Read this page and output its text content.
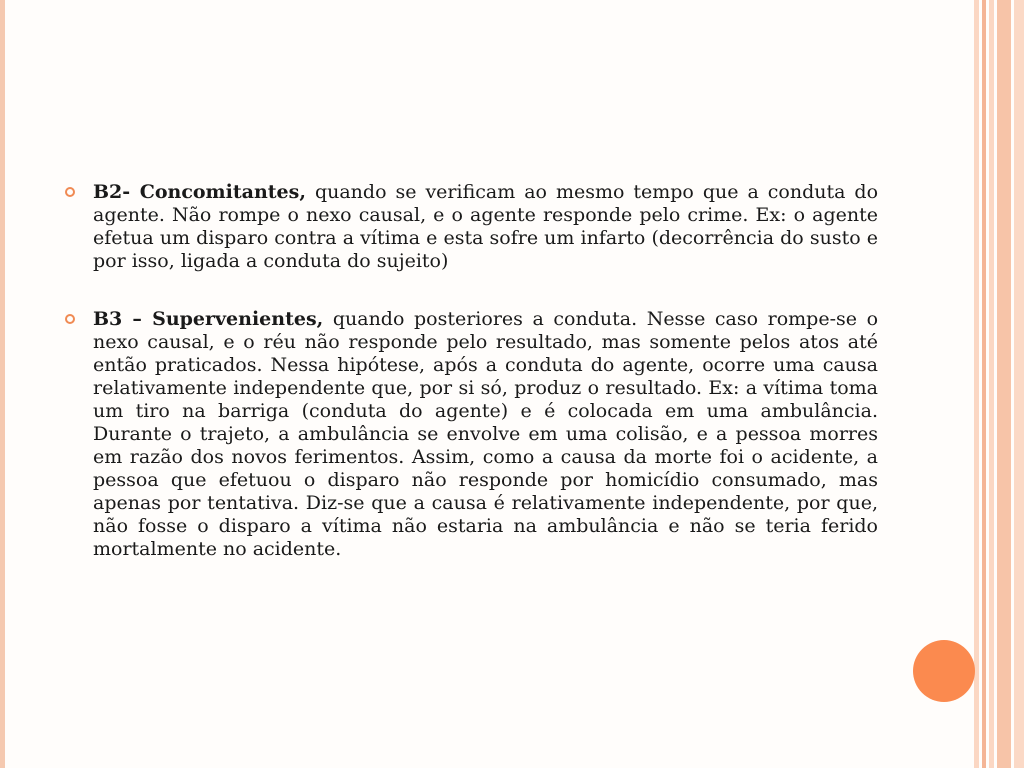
B2- Concomitantes, quando se verificam ao mesmo tempo que a conduta do agente. Não rompe o nexo causal, e o agente responde pelo crime. Ex: o agente efetua um disparo contra a vítima e esta sofre um infarto (decorrência do susto e por isso, ligada a conduta do sujeito)
B3 – Supervenientes, quando posteriores a conduta. Nesse caso rompe-se o nexo causal, e o réu não responde pelo resultado, mas somente pelos atos até então praticados. Nessa hipótese, após a conduta do agente, ocorre uma causa relativamente independente que, por si só, produz o resultado. Ex: a vítima toma um tiro na barriga (conduta do agente) e é colocada em uma ambulância. Durante o trajeto, a ambulância se envolve em uma colisão, e a pessoa morres em razão dos novos ferimentos. Assim, como a causa da morte foi o acidente, a pessoa que efetuou o disparo não responde por homicídio consumado, mas apenas por tentativa. Diz-se que a causa é relativamente independente, por que, não fosse o disparo a vítima não estaria na ambulância e não se teria ferido mortalmente no acidente.
